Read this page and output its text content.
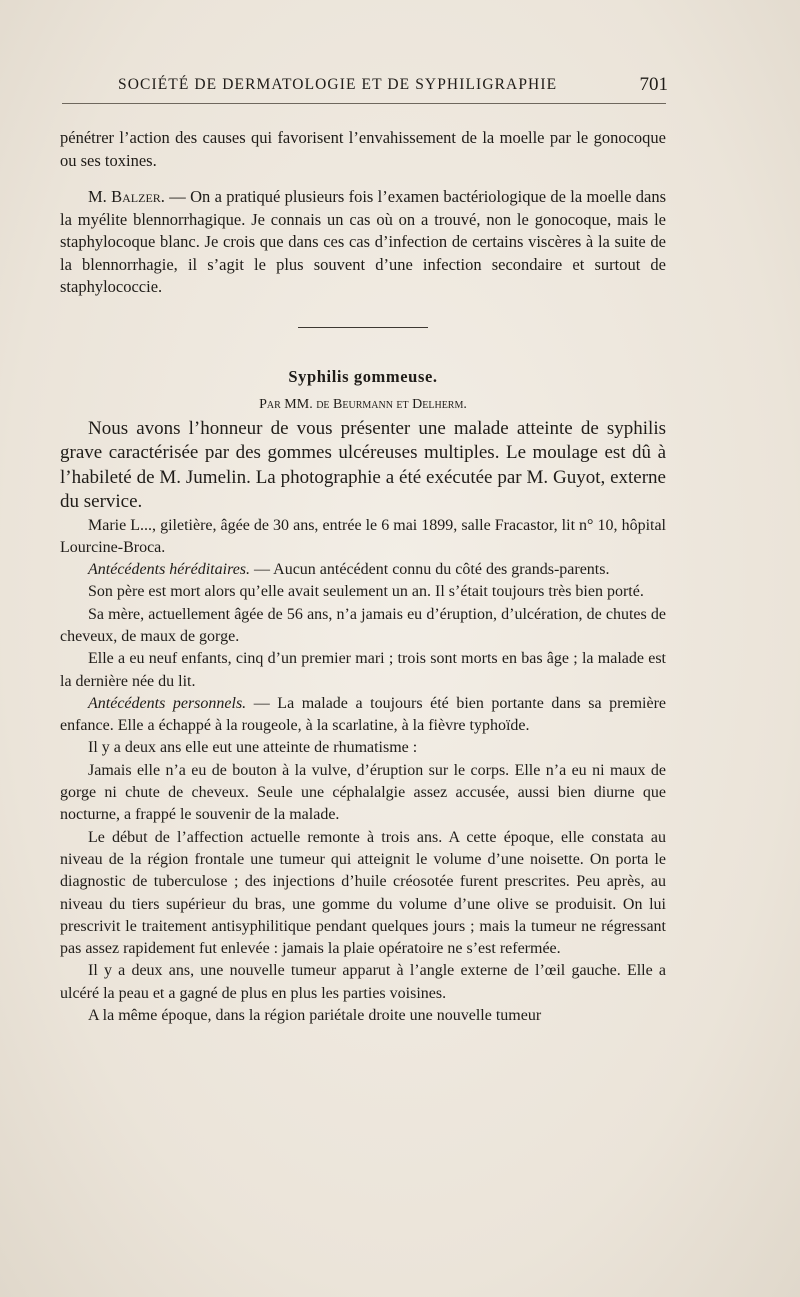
SOCIÉTÉ DE DERMATOLOGIE ET DE SYPHILIGRAPHIE	701

pénétrer l’action des causes qui favorisent l’envahissement de la moelle par le gonocoque ou ses toxines.

M. Balzer. — On a pratiqué plusieurs fois l’examen bactériologique de la moelle dans la myélite blennorrhagique. Je connais un cas où on a trouvé, non le gonocoque, mais le staphylocoque blanc. Je crois que dans ces cas d’infection de certains viscères à la suite de la blennorrhagie, il s’agit le plus souvent d’une infection secondaire et surtout de staphylococcie.

Syphilis gommeuse.
Par MM. de Beurmann et Delherm.

Nous avons l’honneur de vous présenter une malade atteinte de syphilis grave caractérisée par des gommes ulcéreuses multiples. Le moulage est dû à l’habileté de M. Jumelin. La photographie a été exécutée par M. Guyot, externe du service.

Marie L..., giletière, âgée de 30 ans, entrée le 6 mai 1899, salle Fracastor, lit n° 10, hôpital Lourcine-Broca.

Antécédents héréditaires. — Aucun antécédent connu du côté des grands-parents.

Son père est mort alors qu’elle avait seulement un an. Il s’était toujours très bien porté.

Sa mère, actuellement âgée de 56 ans, n’a jamais eu d’éruption, d’ulcération, de chutes de cheveux, de maux de gorge.

Elle a eu neuf enfants, cinq d’un premier mari ; trois sont morts en bas âge ; la malade est la dernière née du lit.

Antécédents personnels. — La malade a toujours été bien portante dans sa première enfance. Elle a échappé à la rougeole, à la scarlatine, à la fièvre typhoïde.

Il y a deux ans elle eut une atteinte de rhumatisme :

Jamais elle n’a eu de bouton à la vulve, d’éruption sur le corps. Elle n’a eu ni maux de gorge ni chute de cheveux. Seule une céphalalgie assez accusée, aussi bien diurne que nocturne, a frappé le souvenir de la malade.

Le début de l’affection actuelle remonte à trois ans. A cette époque, elle constata au niveau de la région frontale une tumeur qui atteignit le volume d’une noisette. On porta le diagnostic de tuberculose ; des injections d’huile créosotée furent prescrites. Peu après, au niveau du tiers supérieur du bras, une gomme du volume d’une olive se produisit. On lui prescrivit le traitement antisyphilitique pendant quelques jours ; mais la tumeur ne régressant pas assez rapidement fut enlevée : jamais la plaie opératoire ne s’est refermée.

Il y a deux ans, une nouvelle tumeur apparut à l’angle externe de l’œil gauche. Elle a ulcéré la peau et a gagné de plus en plus les parties voisines.

A la même époque, dans la région pariétale droite une nouvelle tumeur
